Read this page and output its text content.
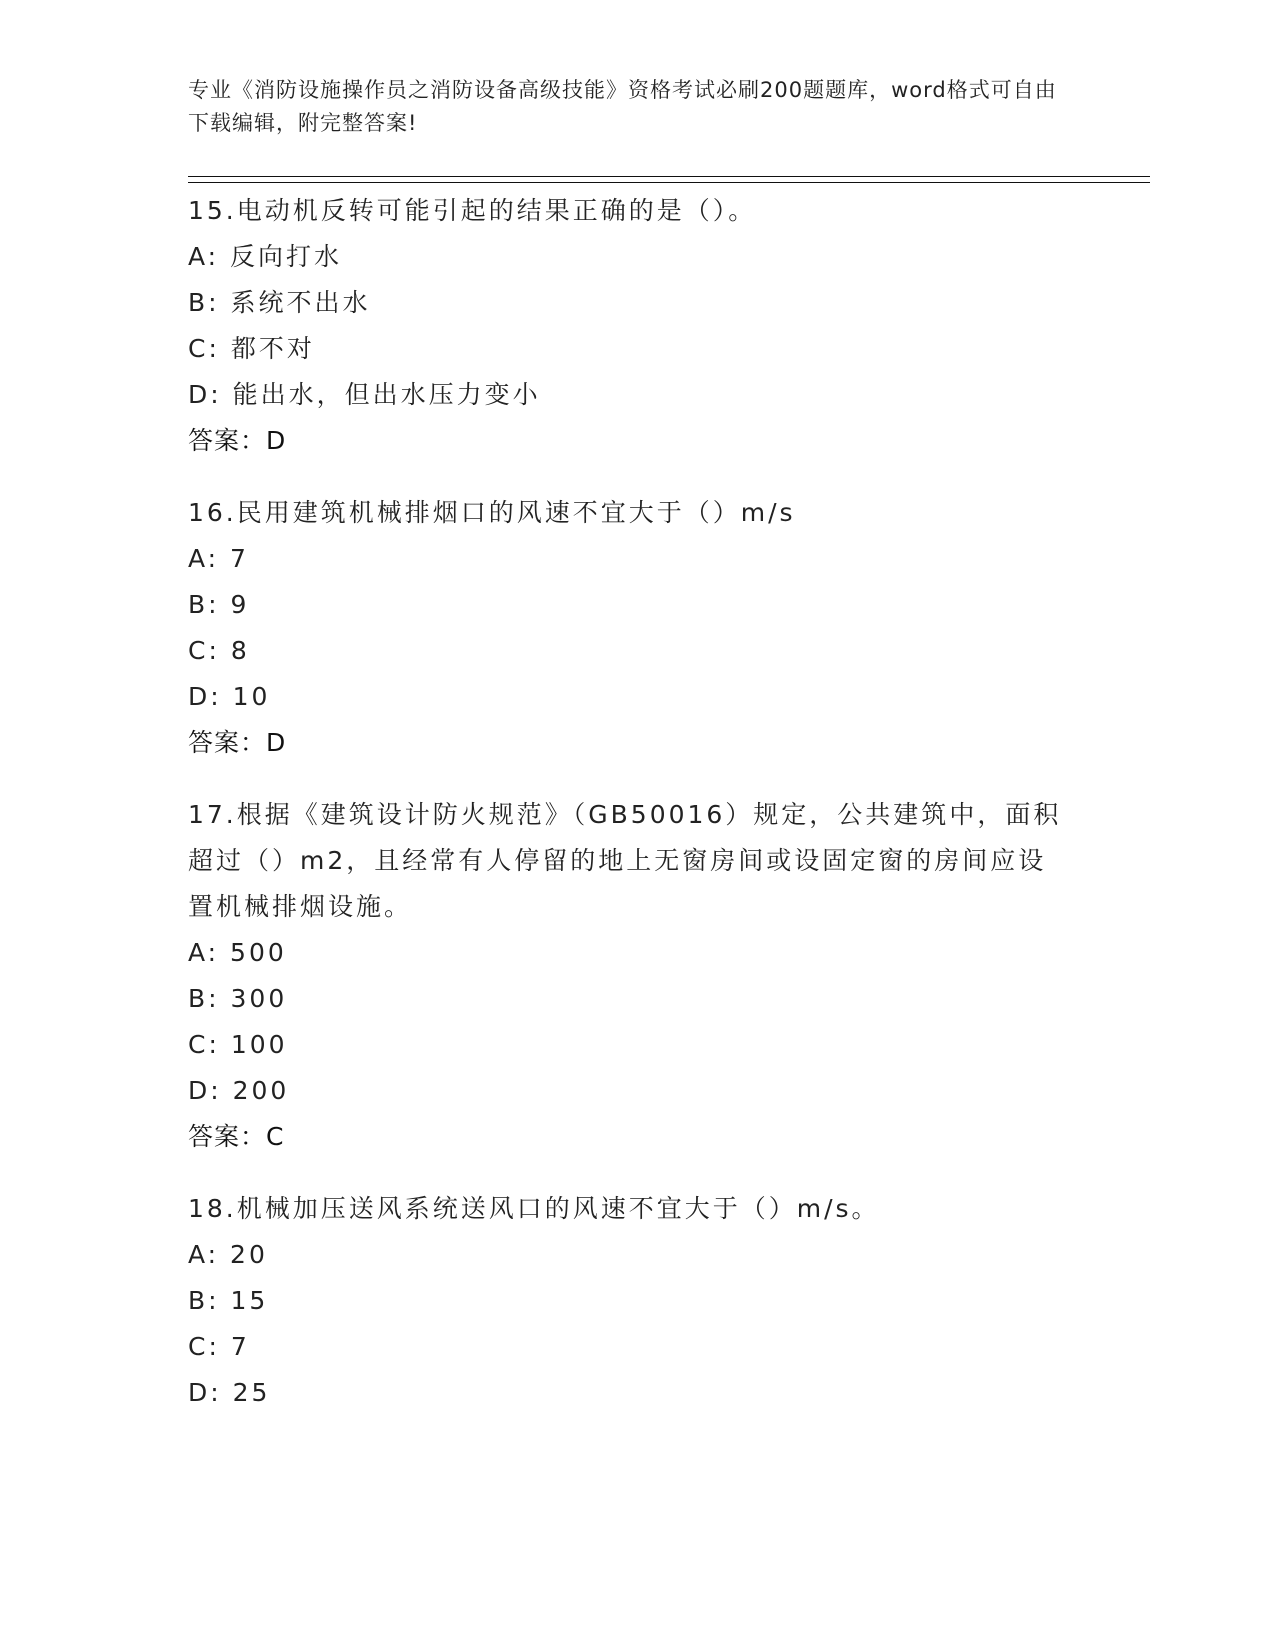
专业《消防设施操作员之消防设备高级技能》资格考试必刷200题题库，word格式可自由下载编辑，附完整答案!

15.电动机反转可能引起的结果正确的是（）。

A: 反向打水

B: 系统不出水

C: 都不对

D: 能出水，但出水压力变小

答案：D

16.民用建筑机械排烟口的风速不宜大于（）m/s

A: 7

B: 9

C: 8

D: 10

答案：D

17.根据《建筑设计防火规范》（GB50016）规定，公共建筑中，面积超过（）m2，且经常有人停留的地上无窗房间或设固定窗的房间应设置机械排烟设施。

A: 500

B: 300

C: 100

D: 200

答案：C

18.机械加压送风系统送风口的风速不宜大于（）m/s。

A: 20

B: 15

C: 7

D: 25
